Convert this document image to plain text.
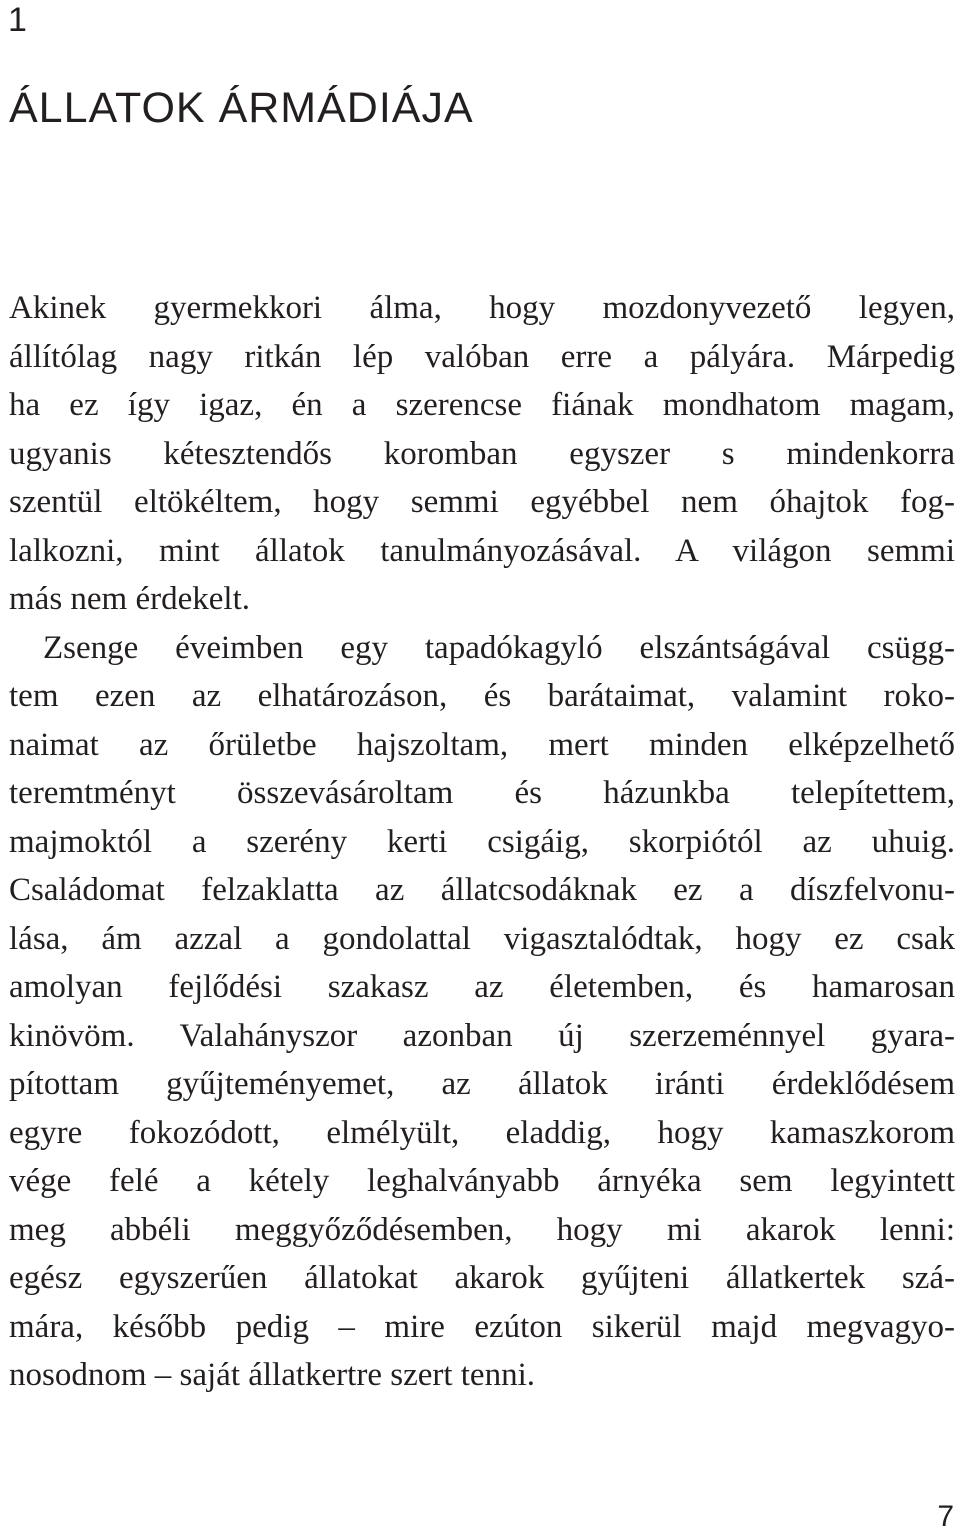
1
ÁLLATOK ÁRMÁDIÁJA
Akinek gyermekkori álma, hogy mozdonyvezető legyen,
állítólag nagy ritkán lép valóban erre a pályára. Márpedig
ha ez így igaz, én a szerencse fiának mondhatom magam,
ugyanis kétesztendős koromban egyszer s mindenkorra
szentül eltökéltem, hogy semmi egyébbel nem óhajtok fog-
lalkozni, mint állatok tanulmányozásával. A világon semmi
más nem érdekelt.
Zsenge éveimben egy tapadókagyló elszántságával csügg-
tem ezen az elhatározáson, és barátaimat, valamint roko-
naimat az őrületbe hajszoltam, mert minden elképzelhető
teremtményt összevásároltam és házunkba telepítettem,
majmoktól a szerény kerti csigáig, skorpiótól az uhuig.
Családomat felzaklatta az állatcsodáknak ez a díszfelvonu-
lása, ám azzal a gondolattal vigasztalódtak, hogy ez csak
amolyan fejlődési szakasz az életemben, és hamarosan
kinövöm. Valahányszor azonban új szerzeménnyel gyara-
pítottam gyűjteményemet, az állatok iránti érdeklődésem
egyre fokozódott, elmélyült, eladdig, hogy kamaszkorom
vége felé a kétely leghalványabb árnyéka sem legyintett
meg abbéli meggyőződésemben, hogy mi akarok lenni:
egész egyszerűen állatokat akarok gyűjteni állatkertek szá-
mára, később pedig – mire ezúton sikerül majd megvagyo-
nosodnom – saját állatkertre szert tenni.
7
